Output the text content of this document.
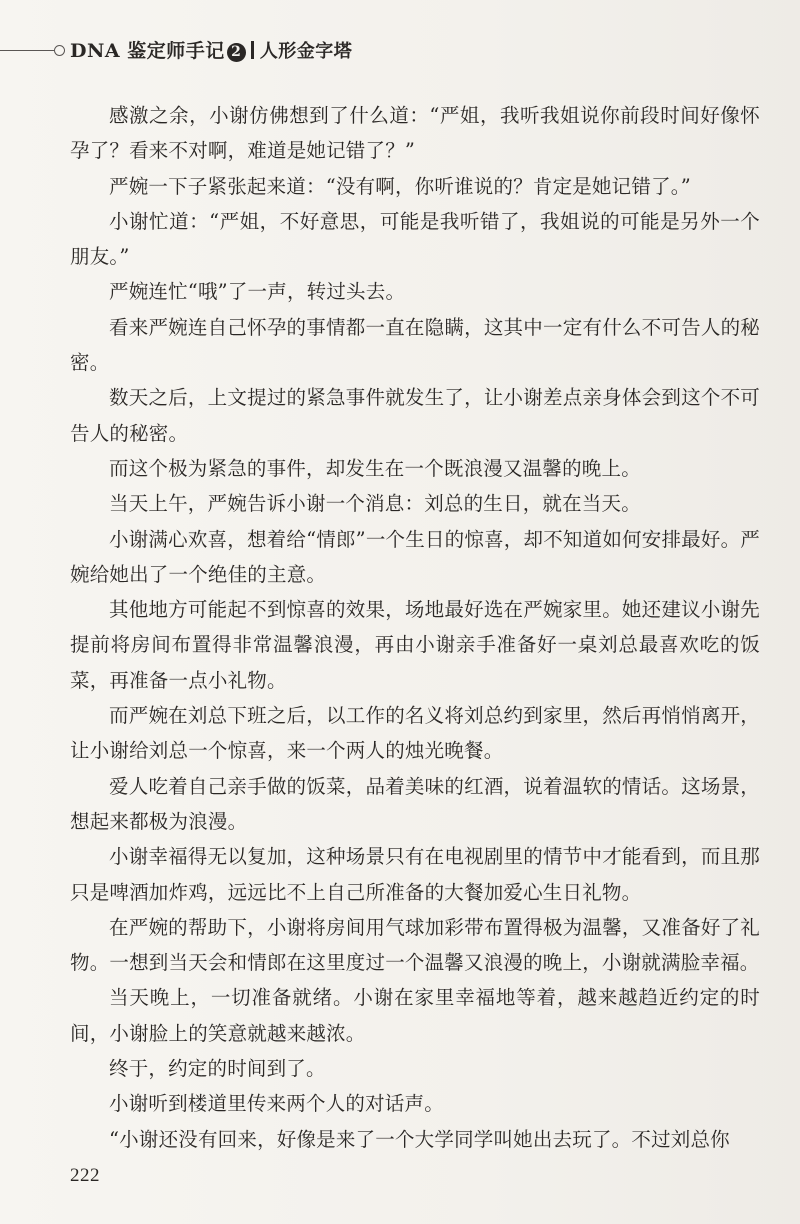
DNA 鉴定师手记 2 人形金字塔

感激之余，小谢仿佛想到了什么道：“严姐，我听我姐说你前段时间好像怀孕了？看来不对啊，难道是她记错了？”

严婉一下子紧张起来道：“没有啊，你听谁说的？肯定是她记错了。”

小谢忙道：“严姐，不好意思，可能是我听错了，我姐说的可能是另外一个朋友。”

严婉连忙“哦”了一声，转过头去。

看来严婉连自己怀孕的事情都一直在隐瞒，这其中一定有什么不可告人的秘密。

数天之后，上文提过的紧急事件就发生了，让小谢差点亲身体会到这个不可告人的秘密。

而这个极为紧急的事件，却发生在一个既浪漫又温馨的晚上。

当天上午，严婉告诉小谢一个消息：刘总的生日，就在当天。

小谢满心欢喜，想着给“情郎”一个生日的惊喜，却不知道如何安排最好。严婉给她出了一个绝佳的主意。

其他地方可能起不到惊喜的效果，场地最好选在严婉家里。她还建议小谢先提前将房间布置得非常温馨浪漫，再由小谢亲手准备好一桌刘总最喜欢吃的饭菜，再准备一点小礼物。

而严婉在刘总下班之后，以工作的名义将刘总约到家里，然后再悄悄离开，让小谢给刘总一个惊喜，来一个两人的烛光晚餐。

爱人吃着自己亲手做的饭菜，品着美味的红酒，说着温软的情话。这场景，想起来都极为浪漫。

小谢幸福得无以复加，这种场景只有在电视剧里的情节中才能看到，而且那只是啤酒加炸鸡，远远比不上自己所准备的大餐加爱心生日礼物。

在严婉的帮助下，小谢将房间用气球加彩带布置得极为温馨，又准备好了礼物。一想到当天会和情郎在这里度过一个温馨又浪漫的晚上，小谢就满脸幸福。

当天晚上，一切准备就绪。小谢在家里幸福地等着，越来越趋近约定的时间，小谢脸上的笑意就越来越浓。

终于，约定的时间到了。

小谢听到楼道里传来两个人的对话声。

“小谢还没有回来，好像是来了一个大学同学叫她出去玩了。不过刘总你

222
